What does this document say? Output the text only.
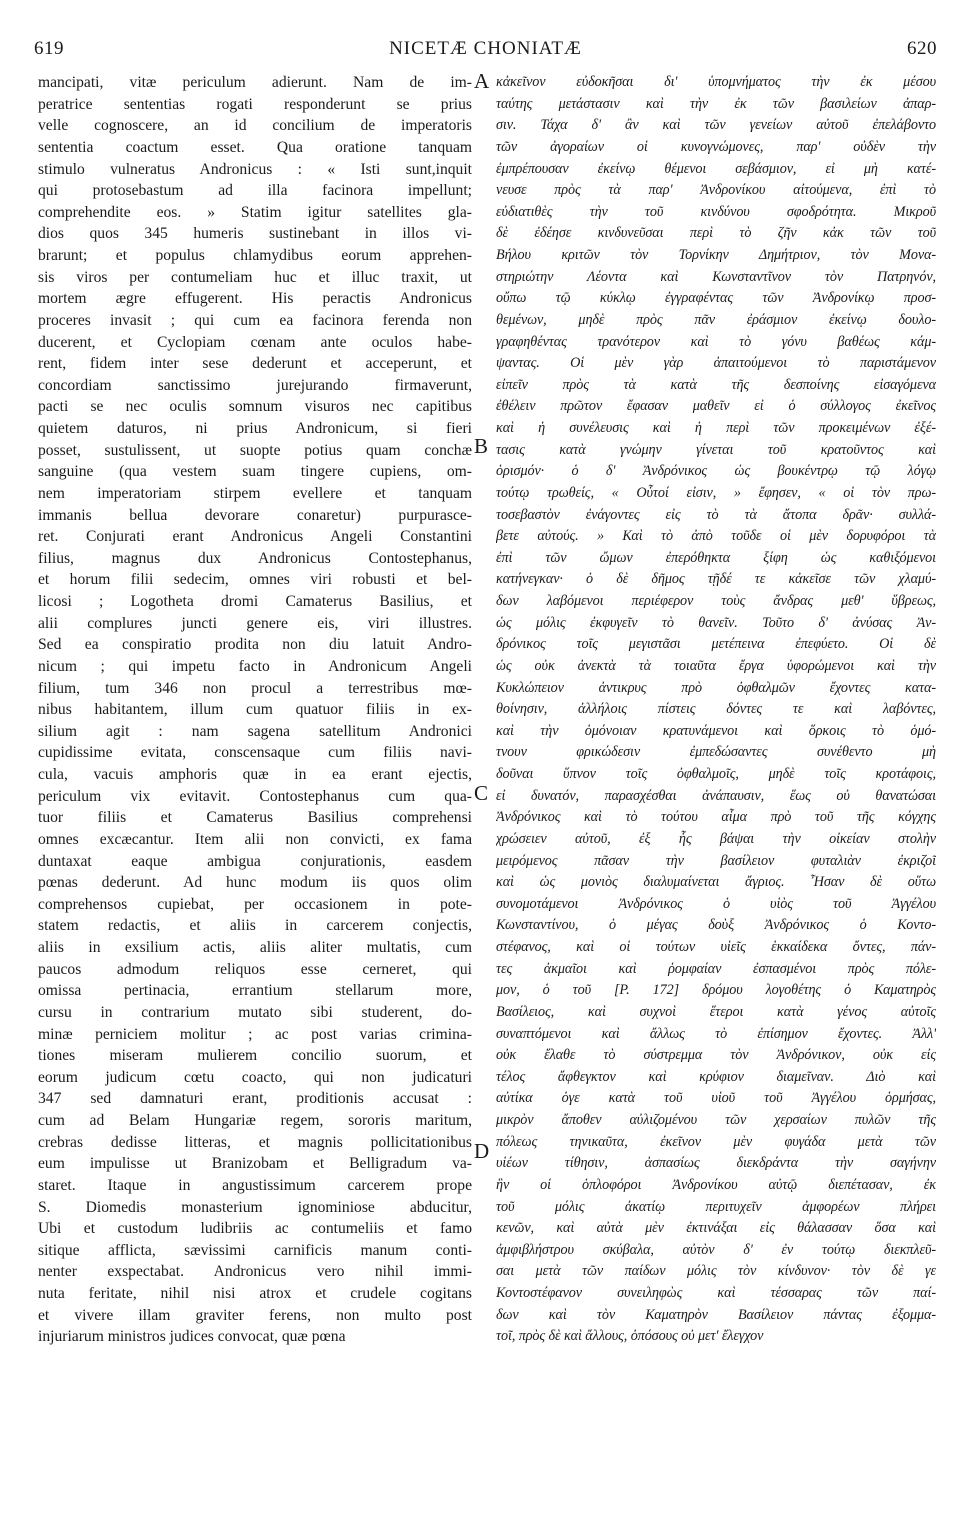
619	NICETÆ CHONIATÆ	620
mancipati, vitæ periculum adierunt. Nam de im-
peratrice sententias rogati responderunt se prius
velle cognoscere, an id concilium de imperatoris
sententia coactum esset. Qua oratione tanquam
stimulo vulneratus Andronicus : « Isti sunt,inquit
qui protosebastum ad illa facinora impellunt;
comprehendite eos. » Statim igitur satellites gla-
dios quos 345 humeris sustinebant in illos vi-
brarunt; et populus chlamydibus eorum apprehen-
sis viros per contumeliam huc et illuc traxit, ut
mortem ægre effugerent. His peractis Andronicus
proceres invasit ; qui cum ea facinora ferenda non
ducerent, et Cyclopiam cœnam ante oculos habe-
rent, fidem inter sese dederunt et acceperunt, et
concordiam sanctissimo jurejurando firmaverunt,
pacti se nec oculis somnum visuros nec capitibus
quietem daturos, ni prius Andronicum, si fieri
posset, sustulissent, ut suopte potius quam conchæ
sanguine (qua vestem suam tingere cupiens, om-
nem imperatoriam stirpem evellere et tanquam
immanis bellua devorare conaretur) purpurasce-
ret. Conjurati erant Andronicus Angeli Constantini
filius, magnus dux Andronicus Contostephanus,
et horum filii sedecim, omnes viri robusti et bel-
licosi ; Logotheta dromi Camaterus Basilius, et
alii complures juncti genere eis, viri illustres.
Sed ea conspiratio prodita non diu latuit Andro-
nicum ; qui impetu facto in Andronicum Angeli
filium, tum 346 non procul a terrestribus mœ-
nibus habitantem, illum cum quatuor filiis in ex-
silium agit : nam sagena satellitum Andronici
cupidissime evitata, conscensaque cum filiis navi-
cula, vacuis amphoris quæ in ea erant ejectis,
periculum vix evitavit. Contostephanus cum qua-
tuor filiis et Camaterus Basilius comprehensi
omnes excæcantur. Item alii non convicti, ex fama
duntaxat eaque ambigua conjurationis, easdem
pœnas dederunt. Ad hunc modum iis quos olim
comprehensos cupiebat, per occasionem in pote-
statem redactis, et aliis in carcerem conjectis,
aliis in exsilium actis, aliis aliter multatis, cum
paucos admodum reliquos esse cerneret, qui
omissa pertinacia, errantium stellarum more,
cursu in contrarium mutato sibi studerent, do-
minæ perniciem molitur ; ac post varias crimina-
tiones miseram mulierem concilio suorum, et
eorum judicum cœtu coacto, qui non judicaturi
347 sed damnaturi erant, proditionis accusat :
cum ad Belam Hungariæ regem, sororis maritum,
crebras dedisse litteras, et magnis pollicitationibus
eum impulisse ut Branizobam et Belligradum va-
staret. Itaque in angustissimum carcerem prope
S. Diomedis monasterium ignominiose abducitur,
Ubi et custodum ludibriis ac contumeliis et famo
sitique afflicta, sævissimi carnificis manum conti-
nenter exspectabat. Andronicus vero nihil immi-
nuta feritate, nihil nisi atrox et crudele cogitans
et vivere illam graviter ferens, non multo post
injuriarum ministros judices convocat, quæ pœna
κἀκεῖνον εὐδοκῆσαι δι' ὑπομνήματος τὴν ἐκ μέσου
ταύτης μετάστασιν καὶ τὴν ἐκ τῶν βασιλείων ἀπαρ-
σιν. Τάχα δ' ἂν καὶ τῶν γενείων αὐτοῦ ἐπελάβοντο
τῶν ἀγοραίων οἱ κυνογνώμονες, παρ' οὐδὲν τὴν
ἐμπρέπουσαν ἐκείνῳ θέμενοι σεβάσμιον, εἰ μὴ κατέ-
νευσε πρὸς τὰ παρ' Ἀνδρονίκου αἰτούμενα, ἐπὶ τὸ
εὐδιατιθὲς τὴν τοῦ κινδύνου σφοδρότητα. Μικροῦ
δὲ ἐδέησε κινδυνεῦσαι περὶ τὸ ζῆν κἀκ τῶν τοῦ
Βήλου κριτῶν τὸν Τορνίκην Δημήτριον, τὸν Μονα-
στηριώτην Λέοντα καὶ Κωνσταντῖνον τὸν Πατρηνόν,
οὔπω τῷ κύκλῳ ἐγγραφέντας τῶν Ἀνδρονίκῳ προσ-
θεμένων, μηδὲ πρὸς πᾶν ἐράσμιον ἐκείνῳ δουλο-
γραφηθέντας τρανότερον καὶ τὸ γόνυ βαθέως κάμ-
ψαντας. Οἱ μὲν γὰρ ἀπαιτούμενοι τὸ παριστάμενον
εἰπεῖν πρὸς τὰ κατὰ τῆς δεσποίνης εἰσαγόμενα
ἐθέλειν πρῶτον ἔφασαν μαθεῖν εἰ ὁ σύλλογος ἐκεῖνος
καὶ ἡ συνέλευσις καὶ ἡ περὶ τῶν προκειμένων ἐξέ-
τασις κατὰ γνώμην γίνεται τοῦ κρατοῦντος καὶ
ὁρισμόν· ὁ δ' Ἀνδρόνικος ὡς βουκέντρῳ τῷ λόγῳ
τούτῳ τρωθείς, « Οὗτοί εἰσιν, » ἔφησεν, « οἱ τὸν πρω-
τοσεβαστὸν ἐνάγοντες εἰς τὸ τὰ ἄτοπα δρᾶν· συλλά-
βετε αὐτούς. » Καὶ τὸ ἀπὸ τοῦδε οἱ μὲν δορυφόροι τὰ
ἐπὶ τῶν ὤμων ἐπερόθηκτα ξίφη ὡς καθιξόμενοι
κατήνεγκαν· ὁ δὲ δῆμος τῇδέ τε κἀκεῖσε τῶν χλαμύ-
δων λαβόμενοι περιέφερον τοὺς ἄνδρας μεθ' ὕβρεως,
ὡς μόλις ἐκφυγεῖν τὸ θανεῖν. Τοῦτο δ' ἀνύσας Ἀν-
δρόνικος τοῖς μεγιστᾶσι μετέπεινα ἐπεφύετο. Οἱ δὲ
ὡς οὐκ ἀνεκτὰ τὰ τοιαῦτα ἔργα ὑφορώμενοι καὶ τὴν
Κυκλώπειον ἀντικρυς πρὸ ὀφθαλμῶν ἔχοντες κατα-
θοίνησιν, ἀλλήλοις πίστεις δόντες τε καὶ λαβόντες,
καὶ τὴν ὁμόνοιαν κρατυνάμενοι καὶ ὅρκοις τὸ ὁμό-
τνουν φρικώδεσιν ἐμπεδώσαντες συνέθεντο μὴ
δοῦναι ὕπνον τοῖς ὀφθαλμοῖς, μηδὲ τοῖς κροτάφοις,
εἰ δυνατόν, παρασχέσθαι ἀνάπαυσιν, ἕως οὐ θανατώσαι
Ἀνδρόνικος καὶ τὸ τούτου αἷμα πρὸ τοῦ τῆς κόγχης
χρώσειεν αὐτοῦ, ἐξ ἧς βάψαι τὴν οἰκείαν στολὴν
μειρόμενος πᾶσαν τὴν βασίλειον φυταλιὰν ἐκριζοῖ
καὶ ὡς μονιὸς διαλυμαίνεται ἄγριος. Ἦσαν δὲ οὕτω
συνομοτάμενοι Ἀνδρόνικος ὁ υἱὸς τοῦ Ἀγγέλου
Κωνσταντίνου, ὁ μέγας δοὺξ Ἀνδρόνικος ὁ Κοντο-
στέφανος, καὶ οἱ τούτων υἱεῖς ἑκκαίδεκα ὄντες, πάν-
τες ἀκμαῖοι καὶ ῥομφαίαν ἐσπασμένοι πρὸς πόλε-
μον, ὁ τοῦ [P. 172] δρόμου λογοθέτης ὁ Καματηρὸς
Βασίλειος, καὶ συχνοὶ ἕτεροι κατὰ γένος αὐτοῖς
συναπτόμενοι καὶ ἄλλως τὸ ἐπίσημον ἔχοντες. Ἀλλ'
οὐκ ἔλαθε τὸ σύστρεμμα τὸν Ἀνδρόνικον, οὐκ εἰς
τέλος ἄφθεγκτον καὶ κρύφιον διαμεῖναν. Διὸ καὶ
αὐτίκα ὁγε κατὰ τοῦ υἱοῦ τοῦ Ἀγγέλου ὁρμήσας,
μικρὸν ἄποθεν αὐλιζομένου τῶν χερσαίων πυλῶν τῆς
πόλεως τηνικαῦτα, ἐκεῖνον μὲν φυγάδα μετὰ τῶν
υἱέων τίθησιν, ἀσπασίως διεκδράντα τὴν σαγήνην
ἣν οἱ ὁπλοφόροι Ἀνδρονίκου αὐτῷ διεπέτασαν, ἐκ
τοῦ μόλις ἀκατίῳ περιτυχεῖν ἀμφορέων πλήρει
κενῶν, καὶ αὐτὰ μὲν ἐκτινάξαι εἰς θάλασσαν ὅσα καὶ
ἀμφιβλήστρου σκύβαλα, αὐτὸν δ' ἐν τούτῳ διεκπλεῦ-
σαι μετὰ τῶν παίδων μόλις τὸν κίνδυνον· τὸν δὲ γε
Κοντοστέφανον συνειληφὼς καὶ τέσσαρας τῶν παί-
δων καὶ τὸν Καματηρὸν Βασίλειον πάντας ἐξομμα-
τοῖ, πρὸς δὲ καὶ ἄλλους, ὁπόσους οὐ μετ' ἔλεγχον
A
B
C
D
